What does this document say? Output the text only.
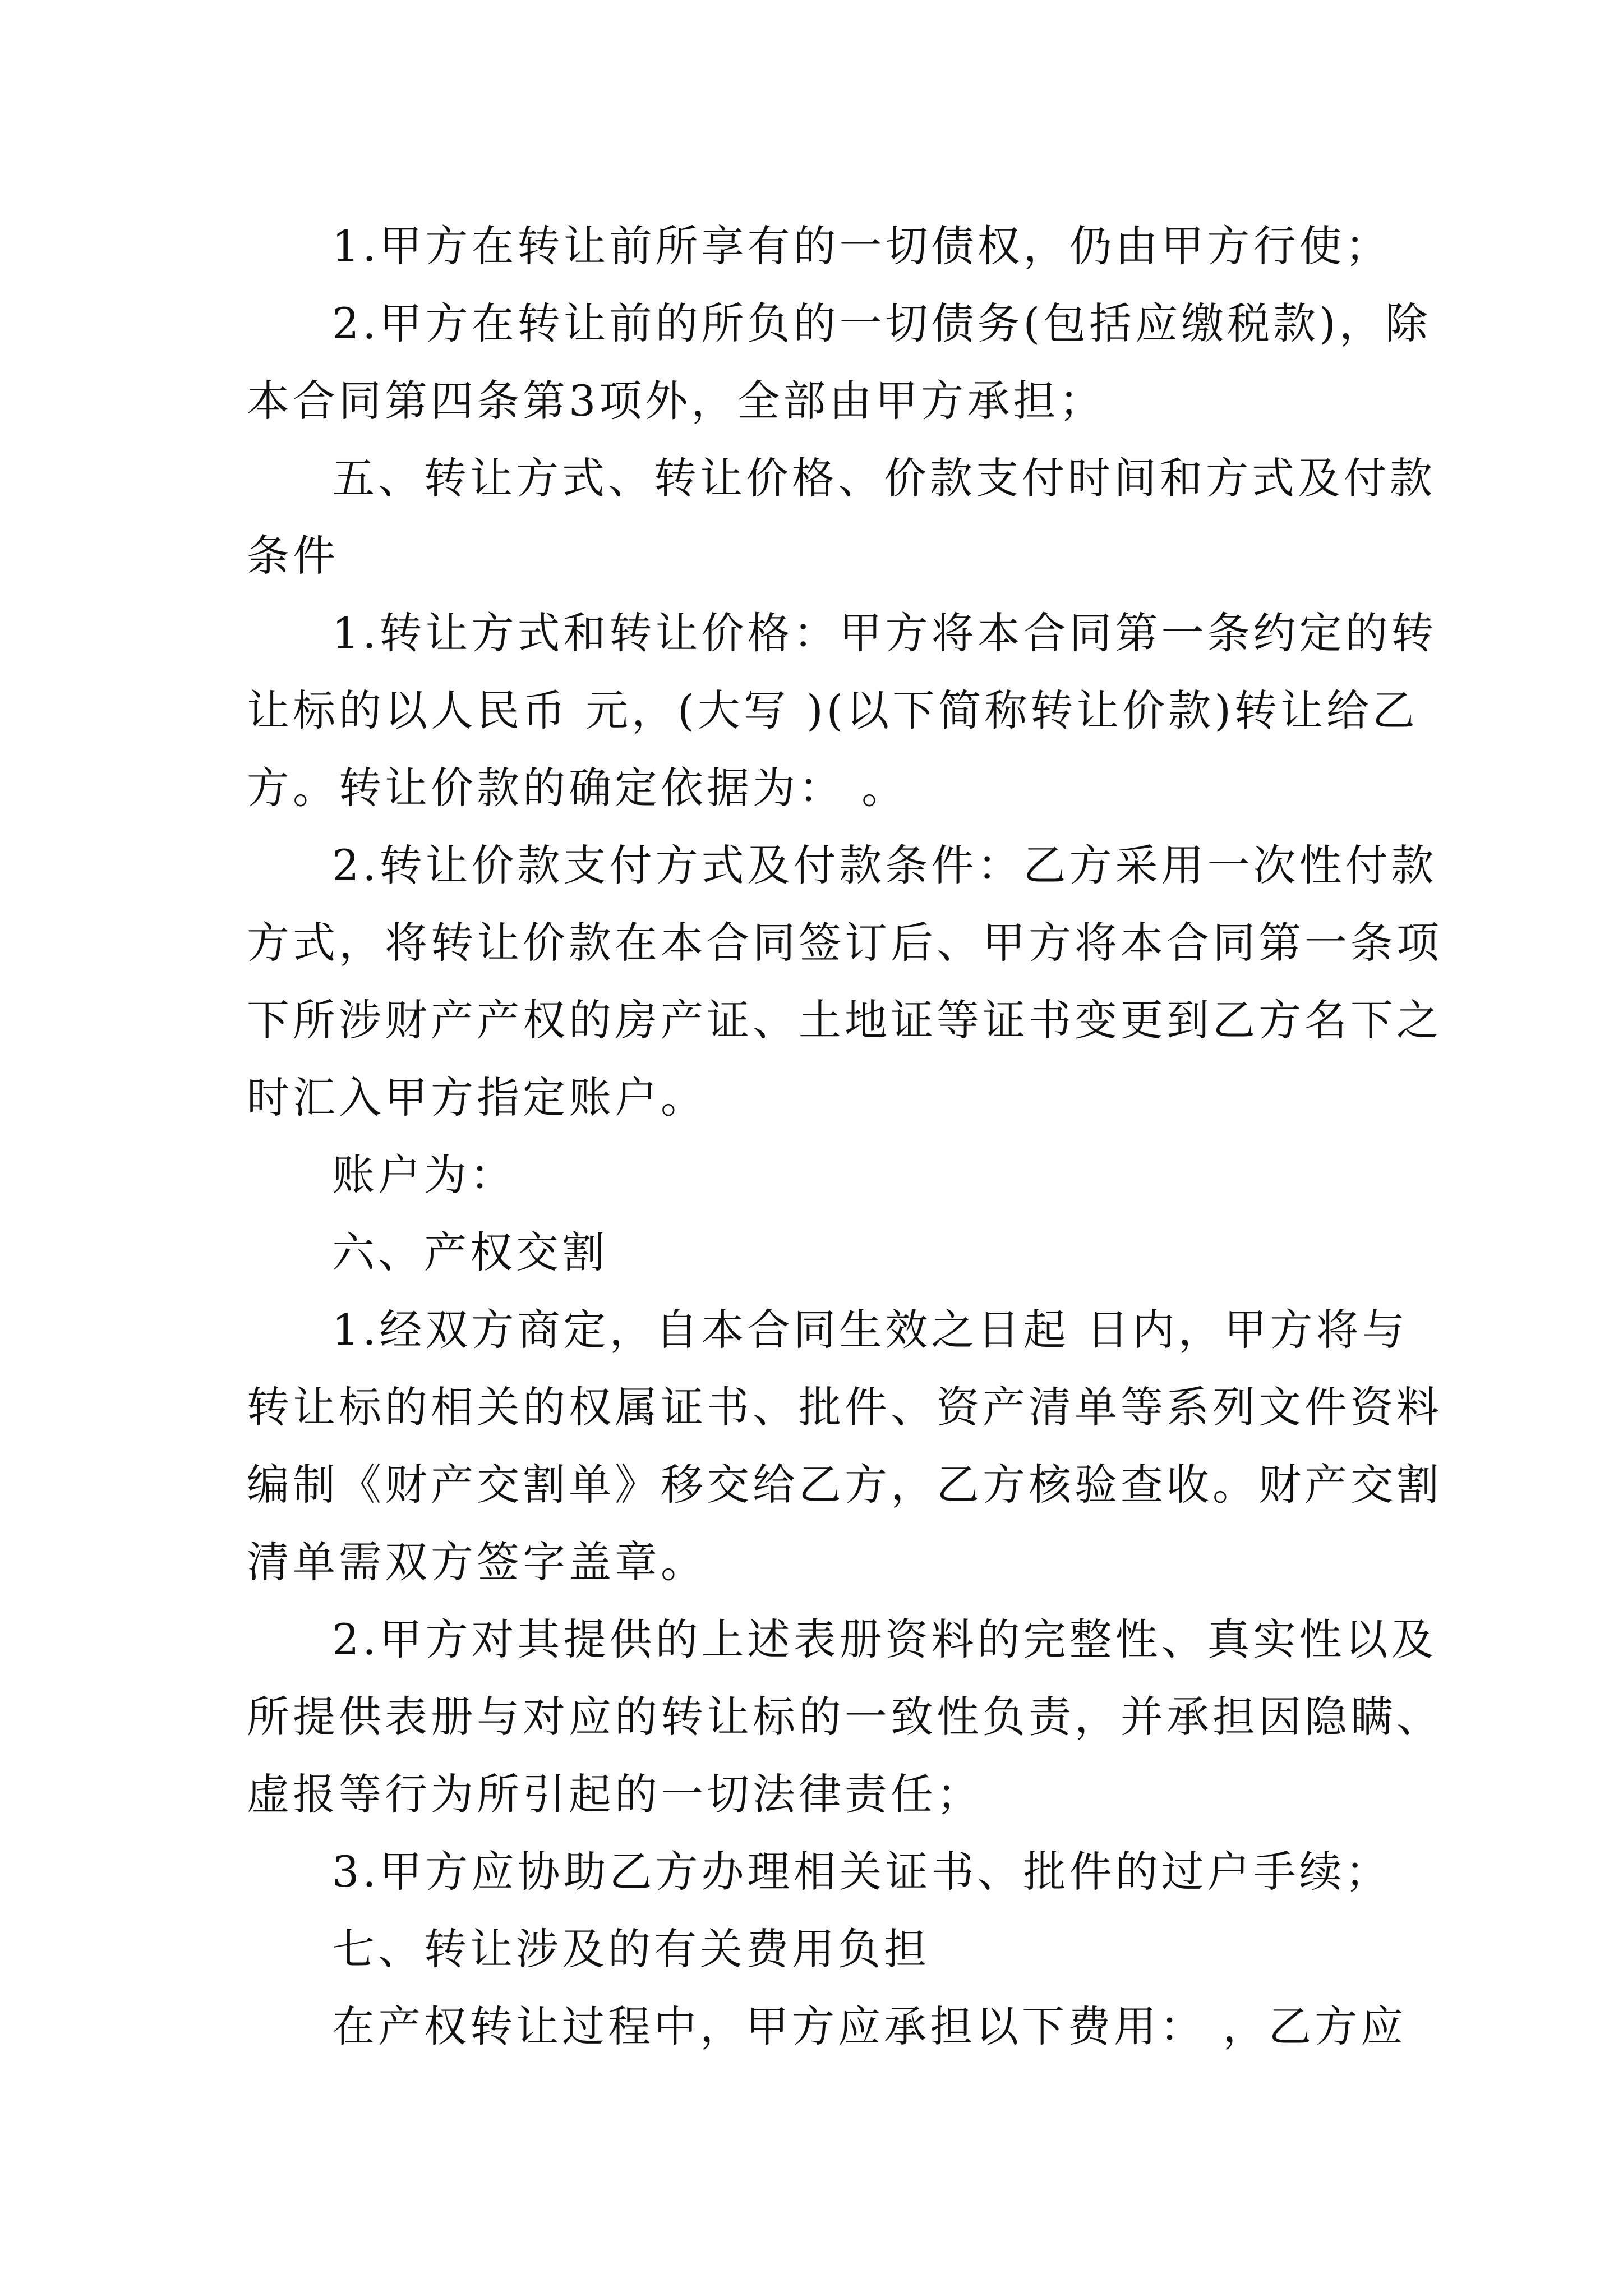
1.甲方在转让前所享有的一切债权，仍由甲方行使；
2.甲方在转让前的所负的一切债务(包括应缴税款)，除
本合同第四条第3项外，全部由甲方承担；
五、转让方式、转让价格、价款支付时间和方式及付款
条件
1.转让方式和转让价格：甲方将本合同第一条约定的转
让标的以人民币 元，(大写 )(以下简称转让价款)转让给乙
方。转让价款的确定依据为： 。
2.转让价款支付方式及付款条件：乙方采用一次性付款
方式，将转让价款在本合同签订后、甲方将本合同第一条项
下所涉财产产权的房产证、土地证等证书变更到乙方名下之
时汇入甲方指定账户。
账户为：
六、产权交割
1.经双方商定，自本合同生效之日起 日内，甲方将与
转让标的相关的权属证书、批件、资产清单等系列文件资料
编制《财产交割单》移交给乙方，乙方核验查收。财产交割
清单需双方签字盖章。
2.甲方对其提供的上述表册资料的完整性、真实性以及
所提供表册与对应的转让标的一致性负责，并承担因隐瞒、
虚报等行为所引起的一切法律责任；
3.甲方应协助乙方办理相关证书、批件的过户手续；
七、转让涉及的有关费用负担
在产权转让过程中，甲方应承担以下费用： ，乙方应
